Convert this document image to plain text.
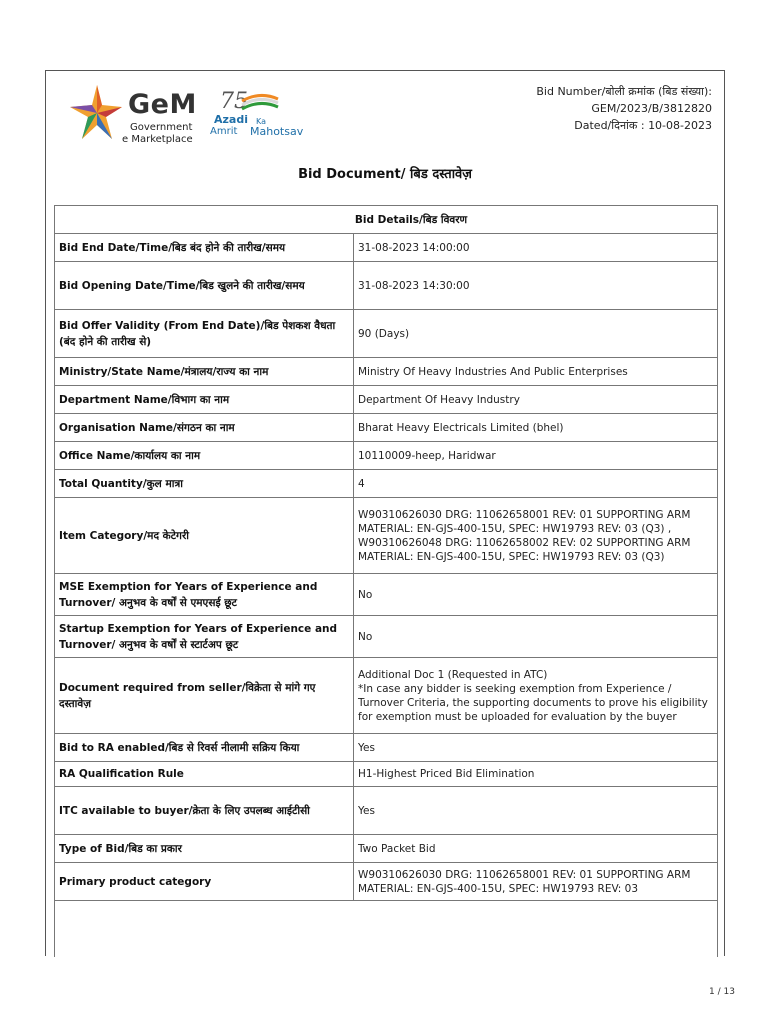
GeM
Government
e Marketplace
75
Azadi Ka
Amrit Mahotsav
Bid Number/बोली क्रमांक (बिड संख्या):
GEM/2023/B/3812820
Dated/दिनांक : 10-08-2023
Bid Document/ बिड दस्तावेज़
Bid Details/बिड विवरण	
Bid End Date/Time/बिड बंद होने की तारीख/समय	31-08-2023 14:00:00
Bid Opening Date/Time/बिड खुलने की तारीख/समय	31-08-2023 14:30:00
Bid Offer Validity (From End Date)/बिड पेशकश वैधता (बंद होने की तारीख से)	90 (Days)
Ministry/State Name/मंत्रालय/राज्य का नाम	Ministry Of Heavy Industries And Public Enterprises
Department Name/विभाग का नाम	Department Of Heavy Industry
Organisation Name/संगठन का नाम	Bharat Heavy Electricals Limited (bhel)
Office Name/कार्यालय का नाम	10110009-heep, Haridwar
Total Quantity/कुल मात्रा	4
Item Category/मद केटेगरी	W90310626030 DRG: 11062658001 REV: 01 SUPPORTING ARM MATERIAL: EN-GJS-400-15U, SPEC: HW19793 REV: 03 (Q3) , W90310626048 DRG: 11062658002 REV: 02 SUPPORTING ARM MATERIAL: EN-GJS-400-15U, SPEC: HW19793 REV: 03 (Q3)
MSE Exemption for Years of Experience and Turnover/ अनुभव के वर्षों से एमएसई छूट	No
Startup Exemption for Years of Experience and Turnover/ अनुभव के वर्षों से स्टार्टअप छूट	No
Document required from seller/विक्रेता से मांगे गए दस्तावेज़	Additional Doc 1 (Requested in ATC)
*In case any bidder is seeking exemption from Experience / Turnover Criteria, the supporting documents to prove his eligibility for exemption must be uploaded for evaluation by the buyer
Bid to RA enabled/बिड से रिवर्स नीलामी सक्रिय किया	Yes
RA Qualification Rule	H1-Highest Priced Bid Elimination
ITC available to buyer/क्रेता के लिए उपलब्ध आईटीसी	Yes
Type of Bid/बिड का प्रकार	Two Packet Bid
Primary product category	W90310626030 DRG: 11062658001 REV: 01 SUPPORTING ARM MATERIAL: EN-GJS-400-15U, SPEC: HW19793 REV: 03
1 / 13
